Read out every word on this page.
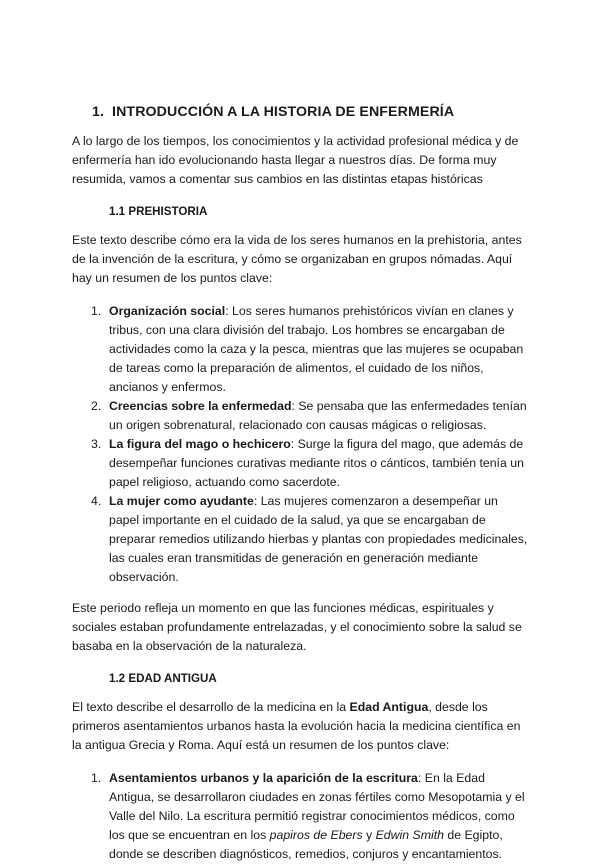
1. INTRODUCCIÓN A LA HISTORIA DE ENFERMERÍA

A lo largo de los tiempos, los conocimientos y la actividad profesional médica y de enfermería han ido evolucionando hasta llegar a nuestros días. De forma muy resumida, vamos a comentar sus cambios en las distintas etapas históricas

1.1 PREHISTORIA

Este texto describe cómo era la vida de los seres humanos en la prehistoria, antes de la invención de la escritura, y cómo se organizaban en grupos nómadas. Aquí hay un resumen de los puntos clave:

1. Organización social: Los seres humanos prehistóricos vivían en clanes y tribus, con una clara división del trabajo. Los hombres se encargaban de actividades como la caza y la pesca, mientras que las mujeres se ocupaban de tareas como la preparación de alimentos, el cuidado de los niños, ancianos y enfermos.
2. Creencias sobre la enfermedad: Se pensaba que las enfermedades tenían un origen sobrenatural, relacionado con causas mágicas o religiosas.
3. La figura del mago o hechicero: Surge la figura del mago, que además de desempeñar funciones curativas mediante ritos o cánticos, también tenía un papel religioso, actuando como sacerdote.
4. La mujer como ayudante: Las mujeres comenzaron a desempeñar un papel importante en el cuidado de la salud, ya que se encargaban de preparar remedios utilizando hierbas y plantas con propiedades medicinales, las cuales eran transmitidas de generación en generación mediante observación.

Este periodo refleja un momento en que las funciones médicas, espirituales y sociales estaban profundamente entrelazadas, y el conocimiento sobre la salud se basaba en la observación de la naturaleza.

1.2 EDAD ANTIGUA

El texto describe el desarrollo de la medicina en la Edad Antigua, desde los primeros asentamientos urbanos hasta la evolución hacia la medicina científica en la antigua Grecia y Roma. Aquí está un resumen de los puntos clave:

1. Asentamientos urbanos y la aparición de la escritura: En la Edad Antigua, se desarrollaron ciudades en zonas fértiles como Mesopotamia y el Valle del Nilo. La escritura permitió registrar conocimientos médicos, como los que se encuentran en los papiros de Ebers y Edwin Smith de Egipto, donde se describen diagnósticos, remedios, conjuros y encantamientos.
